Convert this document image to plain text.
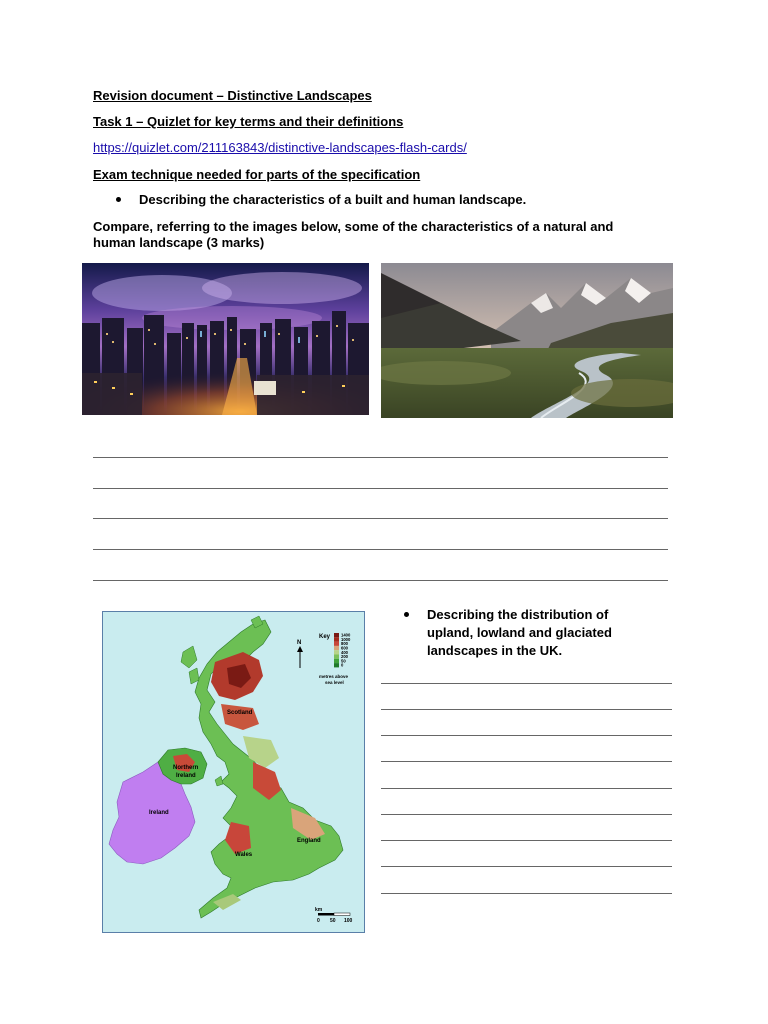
Revision document – Distinctive Landscapes
Task 1 – Quizlet for key terms and their definitions
https://quizlet.com/211163843/distinctive-landscapes-flash-cards/
Exam technique needed for parts of the specification
Describing the characteristics of a built and human landscape.
Compare, referring to the images below, some of the characteristics of a natural and
human landscape (3 marks)
Scotland
Northern
Ireland
Ireland
England
Wales
N
Key	1400
1000
800
600
400
200
50
0
metres above
sea level
km
0 50 100
Describing the distribution of
upland, lowland and glaciated
landscapes in the UK.
